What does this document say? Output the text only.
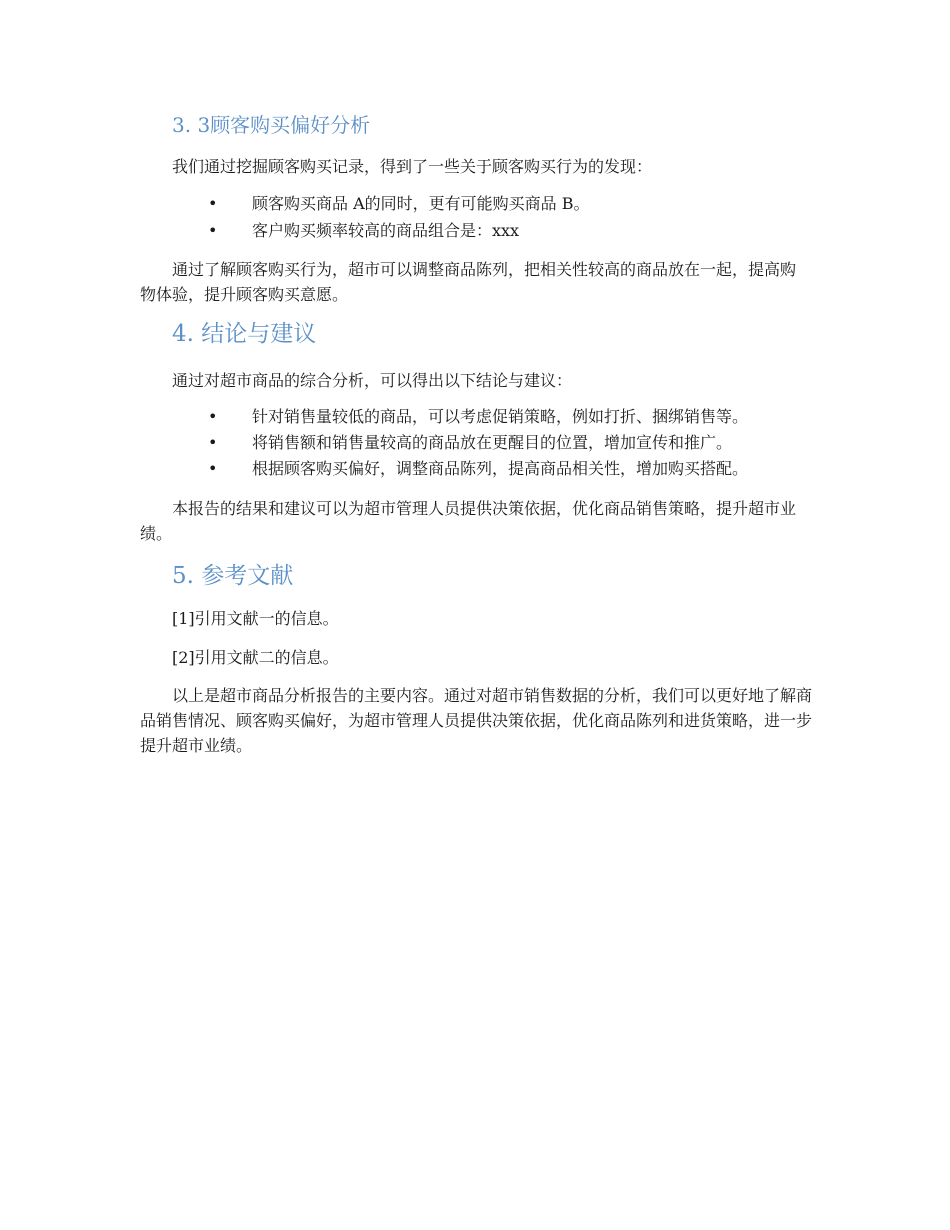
3. 3顾客购买偏好分析
我们通过挖掘顾客购买记录，得到了一些关于顾客购买行为的发现：
• 顾客购买商品 A的同时，更有可能购买商品 B。
• 客户购买频率较高的商品组合是：xxx
通过了解顾客购买行为，超市可以调整商品陈列，把相关性较高的商品放在一起，提高购物体验，提升顾客购买意愿。
4. 结论与建议
通过对超市商品的综合分析，可以得出以下结论与建议：
• 针对销售量较低的商品，可以考虑促销策略，例如打折、捆绑销售等。
• 将销售额和销售量较高的商品放在更醒目的位置，增加宣传和推广。
• 根据顾客购买偏好，调整商品陈列，提高商品相关性，增加购买搭配。
本报告的结果和建议可以为超市管理人员提供决策依据，优化商品销售策略，提升超市业绩。
5. 参考文献
[1]引用文献一的信息。
[2]引用文献二的信息。
以上是超市商品分析报告的主要内容。通过对超市销售数据的分析，我们可以更好地了解商品销售情况、顾客购买偏好，为超市管理人员提供决策依据，优化商品陈列和进货策略，进一步提升超市业绩。
